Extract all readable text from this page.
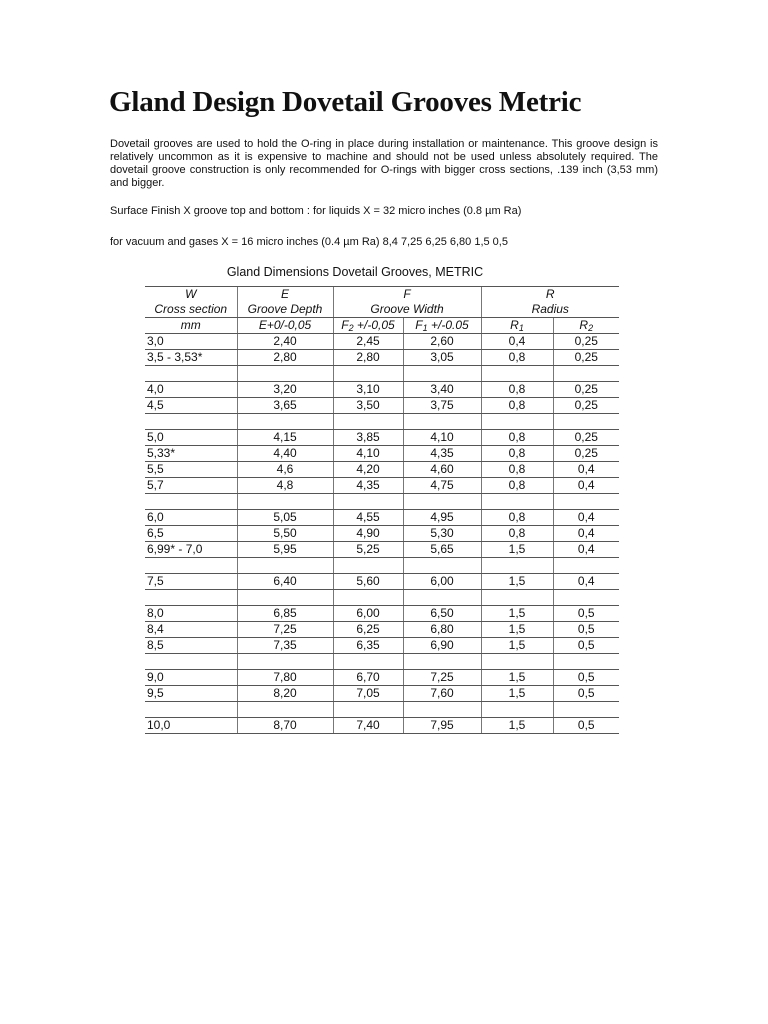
Gland Design Dovetail Grooves Metric

Dovetail grooves are used to hold the O-ring in place during installation or maintenance. This groove design is relatively uncommon as it is expensive to machine and should not be used unless absolutely required. The dovetail groove construction is only recommended for O-rings with bigger cross sections, .139 inch (3,53 mm) and bigger.

Surface Finish X groove top and bottom : for liquids X = 32 micro inches (0.8 µm Ra)

for vacuum and gases X = 16 micro inches (0.4 µm Ra) 8,4 7,25 6,25 6,80 1,5 0,5

Gland Dimensions Dovetail Grooves, METRIC

W	E	F		R	
Cross section	Groove Depth	Groove Width		Radius	
mm	E+0/-0,05	$F_2 +/-0,05$	$F_1 +/-0.05$	$R_1$	$R_2$
3,0	2,40	2,45	2,60	0,4	0,25
3,5 - 3,53*	2,80	2,80	3,05	0,8	0,25

4,0	3,20	3,10	3,40	0,8	0,25
4,5	3,65	3,50	3,75	0,8	0,25

5,0	4,15	3,85	4,10	0,8	0,25
5,33*	4,40	4,10	4,35	0,8	0,25
5,5	4,6	4,20	4,60	0,8	0,4
5,7	4,8	4,35	4,75	0,8	0,4

6,0	5,05	4,55	4,95	0,8	0,4
6,5	5,50	4,90	5,30	0,8	0,4
6,99* - 7,0	5,95	5,25	5,65	1,5	0,4

7,5	6,40	5,60	6,00	1,5	0,4

8,0	6,85	6,00	6,50	1,5	0,5
8,4	7,25	6,25	6,80	1,5	0,5
8,5	7,35	6,35	6,90	1,5	0,5

9,0	7,80	6,70	7,25	1,5	0,5
9,5	8,20	7,05	7,60	1,5	0,5

10,0	8,70	7,40	7,95	1,5	0,5
